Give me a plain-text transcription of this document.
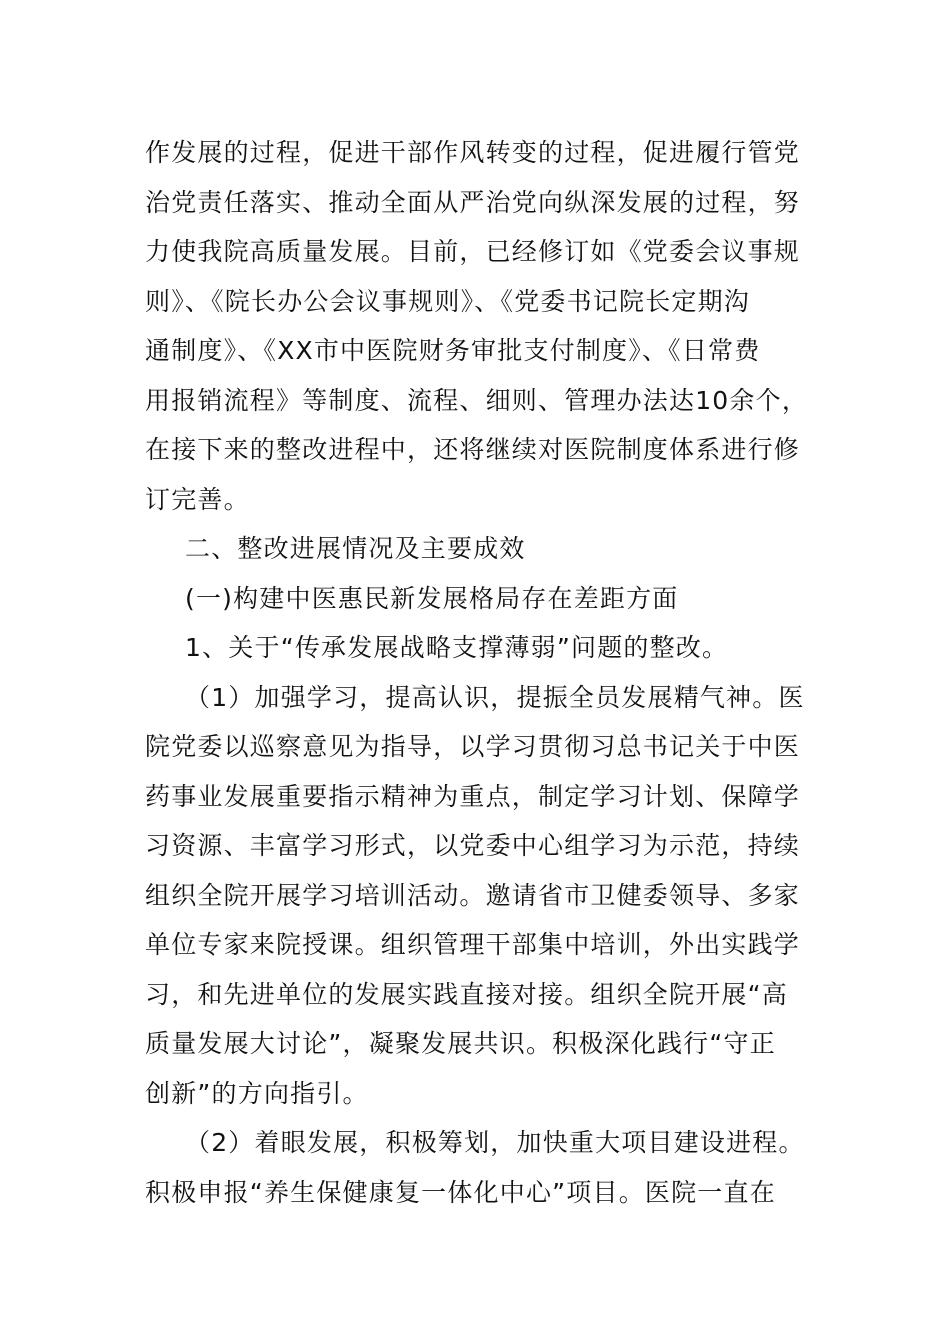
作发展的过程，促进干部作风转变的过程，促进履行管党
治党责任落实、推动全面从严治党向纵深发展的过程，努
力使我院高质量发展。目前，已经修订如《党委会议事规
则》、《院长办公会议事规则》、《党委书记院长定期沟
通制度》、《XX市中医院财务审批支付制度》、《日常费
用报销流程》等制度、流程、细则、管理办法达10余个，
在接下来的整改进程中，还将继续对医院制度体系进行修
订完善。
二、整改进展情况及主要成效
(一)构建中医惠民新发展格局存在差距方面
1、关于“传承发展战略支撑薄弱”问题的整改。
（1）加强学习，提高认识，提振全员发展精气神。医
院党委以巡察意见为指导，以学习贯彻习总书记关于中医
药事业发展重要指示精神为重点，制定学习计划、保障学
习资源、丰富学习形式，以党委中心组学习为示范，持续
组织全院开展学习培训活动。邀请省市卫健委领导、多家
单位专家来院授课。组织管理干部集中培训，外出实践学
习，和先进单位的发展实践直接对接。组织全院开展“高
质量发展大讨论”，凝聚发展共识。积极深化践行“守正
创新”的方向指引。
（2）着眼发展，积极筹划，加快重大项目建设进程。
积极申报“养生保健康复一体化中心”项目。医院一直在
